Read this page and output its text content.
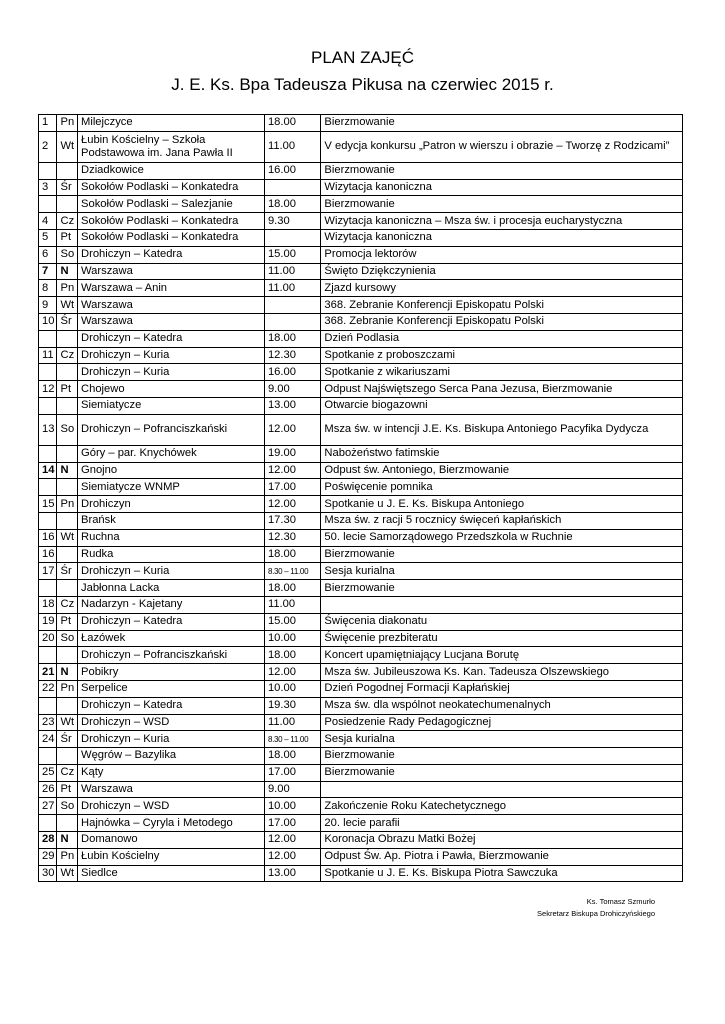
PLAN ZAJĘĆ
J. E. Ks. Bpa Tadeusza Pikusa na czerwiec 2015 r.
1	Pn	Milejczyce	18.00	Bierzmowanie
2	Wt	Łubin Kościelny – Szkoła Podstawowa im. Jana Pawła II	11.00	V edycja konkursu „Patron w wierszu i obrazie – Tworzę z Rodzicami”
		Dziadkowice	16.00	Bierzmowanie
3	Śr	Sokołów Podlaski – Konkatedra		Wizytacja kanoniczna
		Sokołów Podlaski – Salezjanie	18.00	Bierzmowanie
4	Cz	Sokołów Podlaski – Konkatedra	9.30	Wizytacja kanoniczna – Msza św. i procesja eucharystyczna
5	Pt	Sokołów Podlaski – Konkatedra		Wizytacja kanoniczna
6	So	Drohiczyn – Katedra	15.00	Promocja lektorów
7	N	Warszawa	11.00	Święto Dziękczynienia
8	Pn	Warszawa – Anin	11.00	Zjazd kursowy
9	Wt	Warszawa		368. Zebranie Konferencji Episkopatu Polski
10	Śr	Warszawa		368. Zebranie Konferencji Episkopatu Polski
		Drohiczyn – Katedra	18.00	Dzień Podlasia
11	Cz	Drohiczyn – Kuria	12.30	Spotkanie z proboszczami
		Drohiczyn – Kuria	16.00	Spotkanie z wikariuszami
12	Pt	Chojewo	9.00	Odpust Najświętszego Serca Pana Jezusa, Bierzmowanie
		Siemiatycze	13.00	Otwarcie biogazowni
13	So	Drohiczyn – Pofranciszkański	12.00	Msza św. w intencji J.E. Ks. Biskupa Antoniego Pacyfika Dydycza
		Góry – par. Knychówek	19.00	Nabożeństwo fatimskie
14	N	Gnojno	12.00	Odpust św. Antoniego, Bierzmowanie
		Siemiatycze WNMP	17.00	Poświęcenie pomnika
15	Pn	Drohiczyn	12.00	Spotkanie u J. E. Ks. Biskupa Antoniego
		Brańsk	17.30	Msza św. z racji 5 rocznicy święceń kapłańskich
16	Wt	Ruchna	12.30	50. lecie Samorządowego Przedszkola w Ruchnie
16		Rudka	18.00	Bierzmowanie
17	Śr	Drohiczyn – Kuria	8.30 – 11.00	Sesja kurialna
		Jabłonna Lacka	18.00	Bierzmowanie
18	Cz	Nadarzyn - Kajetany	11.00	
19	Pt	Drohiczyn – Katedra	15.00	Święcenia diakonatu
20	So	Łazówek	10.00	Święcenie prezbiteratu
		Drohiczyn – Pofranciszkański	18.00	Koncert upamiętniający Lucjana Borutę
21	N	Pobikry	12.00	Msza św. Jubileuszowa Ks. Kan. Tadeusza Olszewskiego
22	Pn	Serpelice	10.00	Dzień Pogodnej Formacji Kapłańskiej
		Drohiczyn – Katedra	19.30	Msza św. dla wspólnot neokatechumenalnych
23	Wt	Drohiczyn – WSD	11.00	Posiedzenie Rady Pedagogicznej
24	Śr	Drohiczyn – Kuria	8.30 – 11.00	Sesja kurialna
		Węgrów – Bazylika	18.00	Bierzmowanie
25	Cz	Kąty	17.00	Bierzmowanie
26	Pt	Warszawa	9.00	
27	So	Drohiczyn – WSD	10.00	Zakończenie Roku Katechetycznego
		Hajnówka – Cyryla i Metodego	17.00	20. lecie parafii
28	N	Domanowo	12.00	Koronacja Obrazu Matki Bożej
29	Pn	Łubin Kościelny	12.00	Odpust Św. Ap. Piotra i Pawła, Bierzmowanie
30	Wt	Siedlce	13.00	Spotkanie u J. E. Ks. Biskupa Piotra Sawczuka
Ks. Tomasz Szmurło
Sekretarz Biskupa Drohiczyńskiego
